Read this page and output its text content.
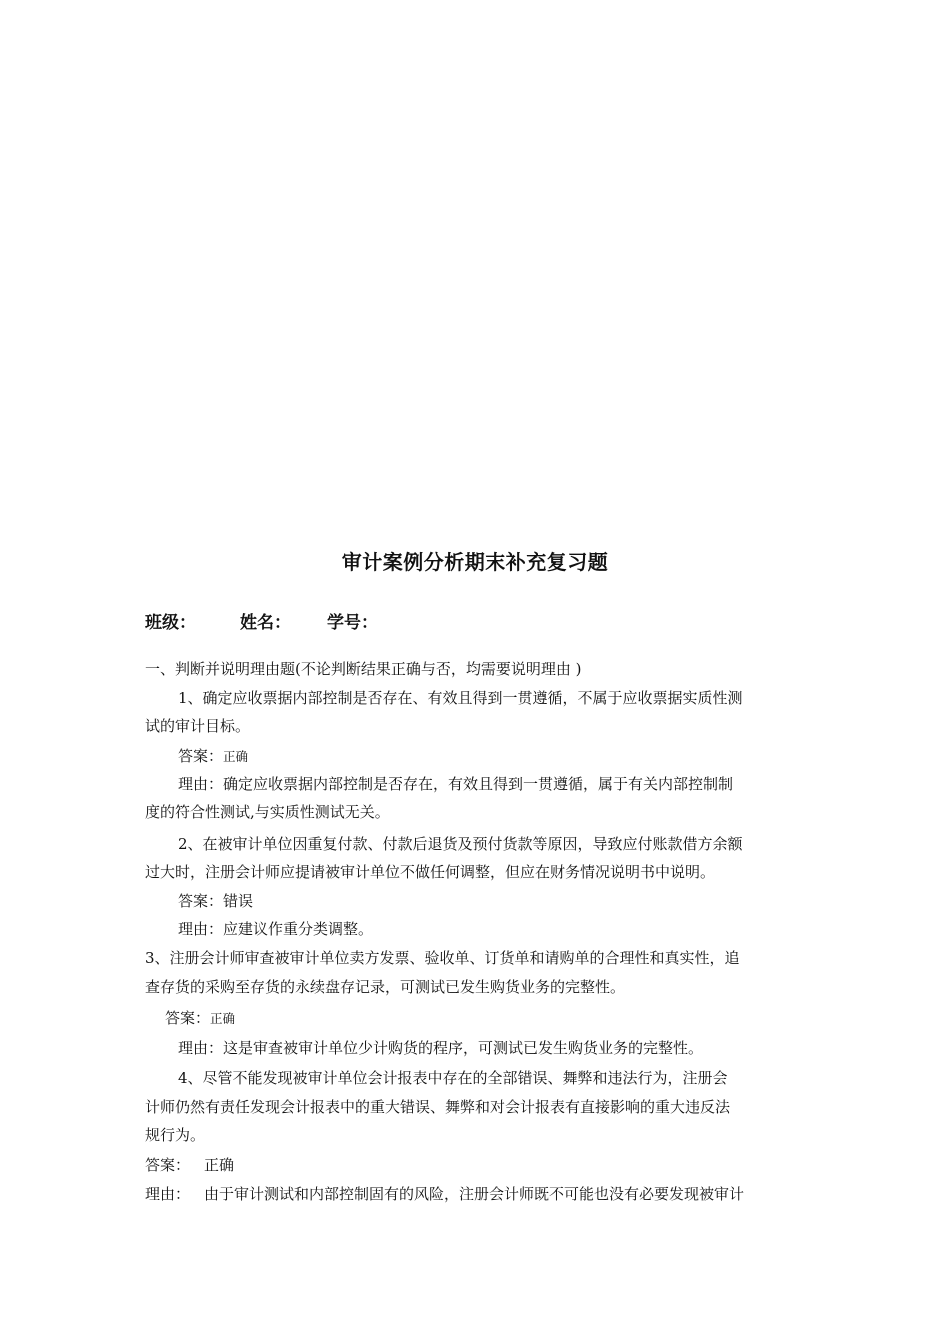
审计案例分析期末补充复习题
班级：	姓名： 学号：
一、判断并说明理由题(不论判断结果正确与否，均需要说明理由 )
1、确定应收票据内部控制是否存在、有效且得到一贯遵循，不属于应收票据实质性测
试的审计目标。
答案：正确
理由：确定应收票据内部控制是否存在，有效且得到一贯遵循，属于有关内部控制制
度的符合性测试,与实质性测试无关。
2、在被审计单位因重复付款、付款后退货及预付货款等原因，导致应付账款借方余额
过大时，注册会计师应提请被审计单位不做任何调整，但应在财务情况说明书中说明。
答案：错误
理由：应建议作重分类调整。
3、注册会计师审查被审计单位卖方发票、验收单、订货单和请购单的合理性和真实性，追
查存货的采购至存货的永续盘存记录，可测试已发生购货业务的完整性。
答案：正确
理由：这是审查被审计单位少计购货的程序，可测试已发生购货业务的完整性。
4、尽管不能发现被审计单位会计报表中存在的全部错误、舞弊和违法行为，注册会
计师仍然有责任发现会计报表中的重大错误、舞弊和对会计报表有直接影响的重大违反法
规行为。
答案： 正确
理由： 由于审计测试和内部控制固有的风险，注册会计师既不可能也没有必要发现被审计
